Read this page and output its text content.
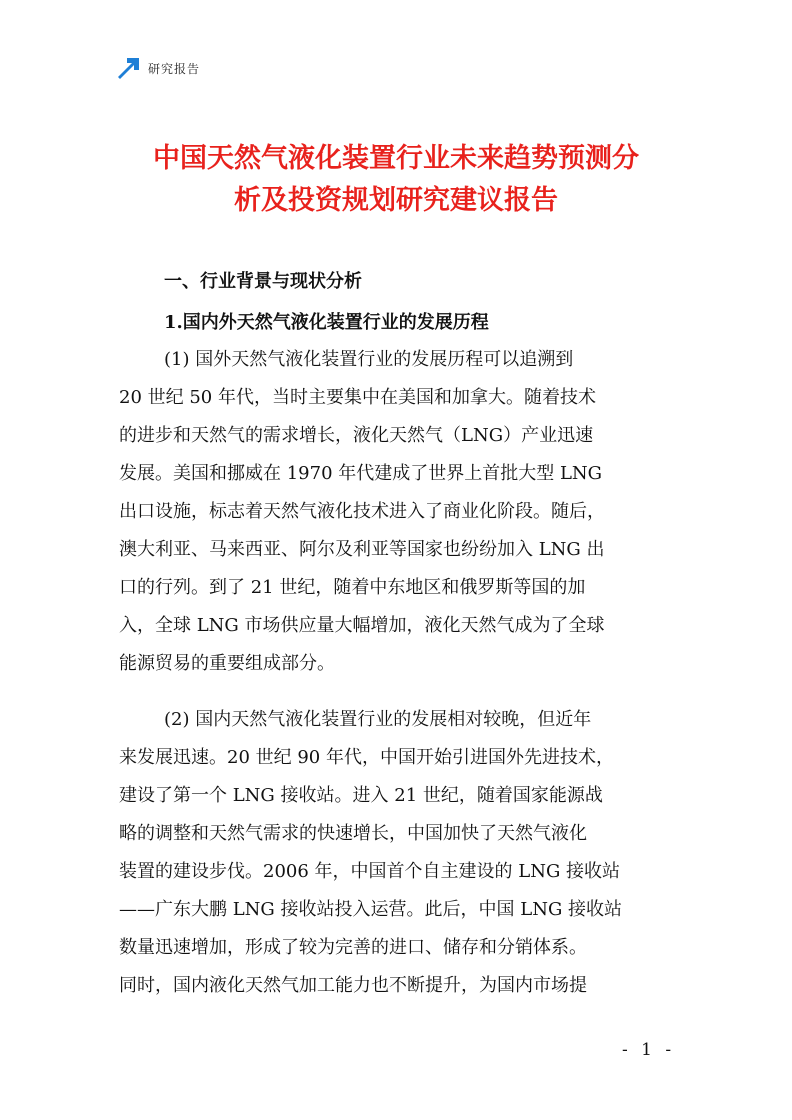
研究报告
中国天然气液化装置行业未来趋势预测分
析及投资规划研究建议报告
一、行业背景与现状分析
1.国内外天然气液化装置行业的发展历程

(1) 国外天然气液化装置行业的发展历程可以追溯到
20 世纪 50 年代，当时主要集中在美国和加拿大。随着技术
的进步和天然气的需求增长，液化天然气（LNG）产业迅速
发展。美国和挪威在 1970 年代建成了世界上首批大型 LNG
出口设施，标志着天然气液化技术进入了商业化阶段。随后，
澳大利亚、马来西亚、阿尔及利亚等国家也纷纷加入 LNG 出
口的行列。到了 21 世纪，随着中东地区和俄罗斯等国的加
入，全球 LNG 市场供应量大幅增加，液化天然气成为了全球
能源贸易的重要组成部分。

(2) 国内天然气液化装置行业的发展相对较晚，但近年
来发展迅速。20 世纪 90 年代，中国开始引进国外先进技术，
建设了第一个 LNG 接收站。进入 21 世纪，随着国家能源战
略的调整和天然气需求的快速增长，中国加快了天然气液化
装置的建设步伐。2006 年，中国首个自主建设的 LNG 接收站
——广东大鹏 LNG 接收站投入运营。此后，中国 LNG 接收站
数量迅速增加，形成了较为完善的进口、储存和分销体系。
同时，国内液化天然气加工能力也不断提升，为国内市场提

- 1 -
